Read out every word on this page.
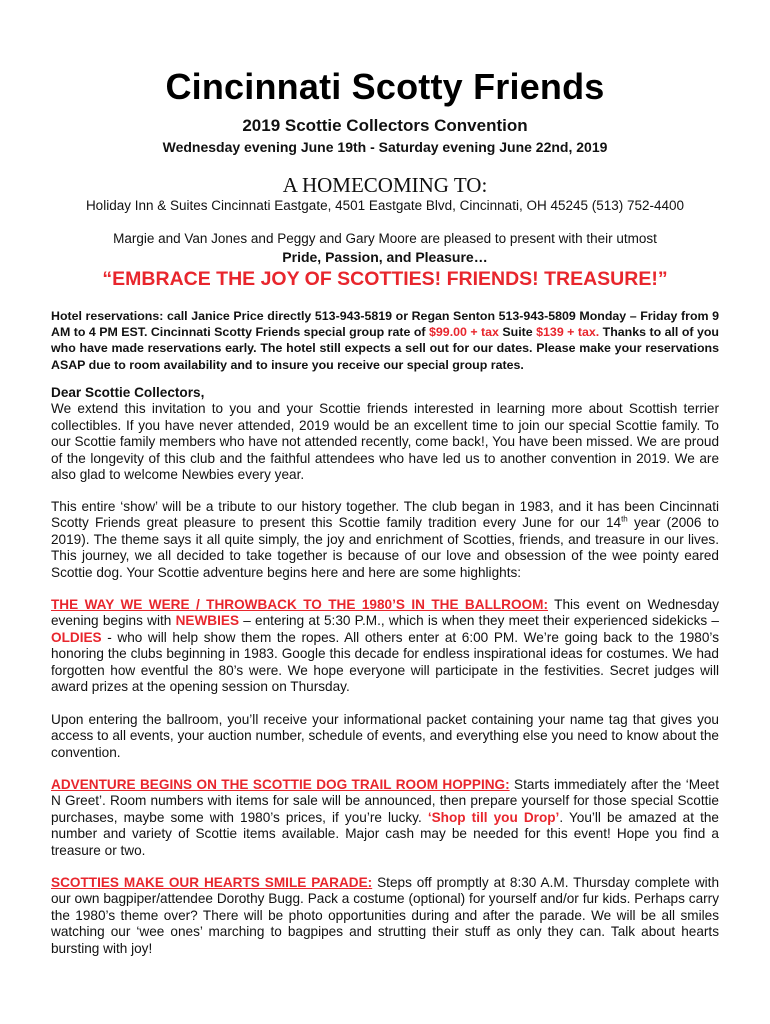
Cincinnati Scotty Friends
2019 Scottie Collectors Convention
Wednesday evening June 19th - Saturday evening June 22nd, 2019
A HOMECOMING TO:
Holiday Inn & Suites Cincinnati Eastgate, 4501 Eastgate Blvd, Cincinnati, OH 45245 (513) 752-4400
Margie and Van Jones and Peggy and Gary Moore are pleased to present with their utmost
Pride, Passion, and Pleasure…
“EMBRACE THE JOY OF SCOTTIES! FRIENDS! TREASURE!”

Hotel reservations: call Janice Price directly 513-943-5819 or Regan Senton 513-943-5809 Monday – Friday from 9 AM to 4 PM EST. Cincinnati Scotty Friends special group rate of $99.00 + tax Suite $139 + tax. Thanks to all of you who have made reservations early. The hotel still expects a sell out for our dates. Please make your reservations ASAP due to room availability and to insure you receive our special group rates.

Dear Scottie Collectors,
We extend this invitation to you and your Scottie friends interested in learning more about Scottish terrier collectibles. If you have never attended, 2019 would be an excellent time to join our special Scottie family. To our Scottie family members who have not attended recently, come back!, You have been missed. We are proud of the longevity of this club and the faithful attendees who have led us to another convention in 2019. We are also glad to welcome Newbies every year.

This entire ‘show’ will be a tribute to our history together. The club began in 1983, and it has been Cincinnati Scotty Friends great pleasure to present this Scottie family tradition every June for our 14th year (2006 to 2019). The theme says it all quite simply, the joy and enrichment of Scotties, friends, and treasure in our lives. This journey, we all decided to take together is because of our love and obsession of the wee pointy eared Scottie dog. Your Scottie adventure begins here and here are some highlights:

THE WAY WE WERE / THROWBACK TO THE 1980’S IN THE BALLROOM: This event on Wednesday evening begins with NEWBIES – entering at 5:30 P.M., which is when they meet their experienced sidekicks – OLDIES - who will help show them the ropes. All others enter at 6:00 PM. We’re going back to the 1980’s honoring the clubs beginning in 1983. Google this decade for endless inspirational ideas for costumes. We had forgotten how eventful the 80’s were. We hope everyone will participate in the festivities. Secret judges will award prizes at the opening session on Thursday.

Upon entering the ballroom, you’ll receive your informational packet containing your name tag that gives you access to all events, your auction number, schedule of events, and everything else you need to know about the convention.

ADVENTURE BEGINS ON THE SCOTTIE DOG TRAIL ROOM HOPPING: Starts immediately after the ‘Meet N Greet’. Room numbers with items for sale will be announced, then prepare yourself for those special Scottie purchases, maybe some with 1980’s prices, if you’re lucky. ‘Shop till you Drop’. You’ll be amazed at the number and variety of Scottie items available. Major cash may be needed for this event! Hope you find a treasure or two.

SCOTTIES MAKE OUR HEARTS SMILE PARADE: Steps off promptly at 8:30 A.M. Thursday complete with our own bagpiper/attendee Dorothy Bugg. Pack a costume (optional) for yourself and/or fur kids. Perhaps carry the 1980’s theme over? There will be photo opportunities during and after the parade. We will be all smiles watching our ‘wee ones’ marching to bagpipes and strutting their stuff as only they can. Talk about hearts bursting with joy!
